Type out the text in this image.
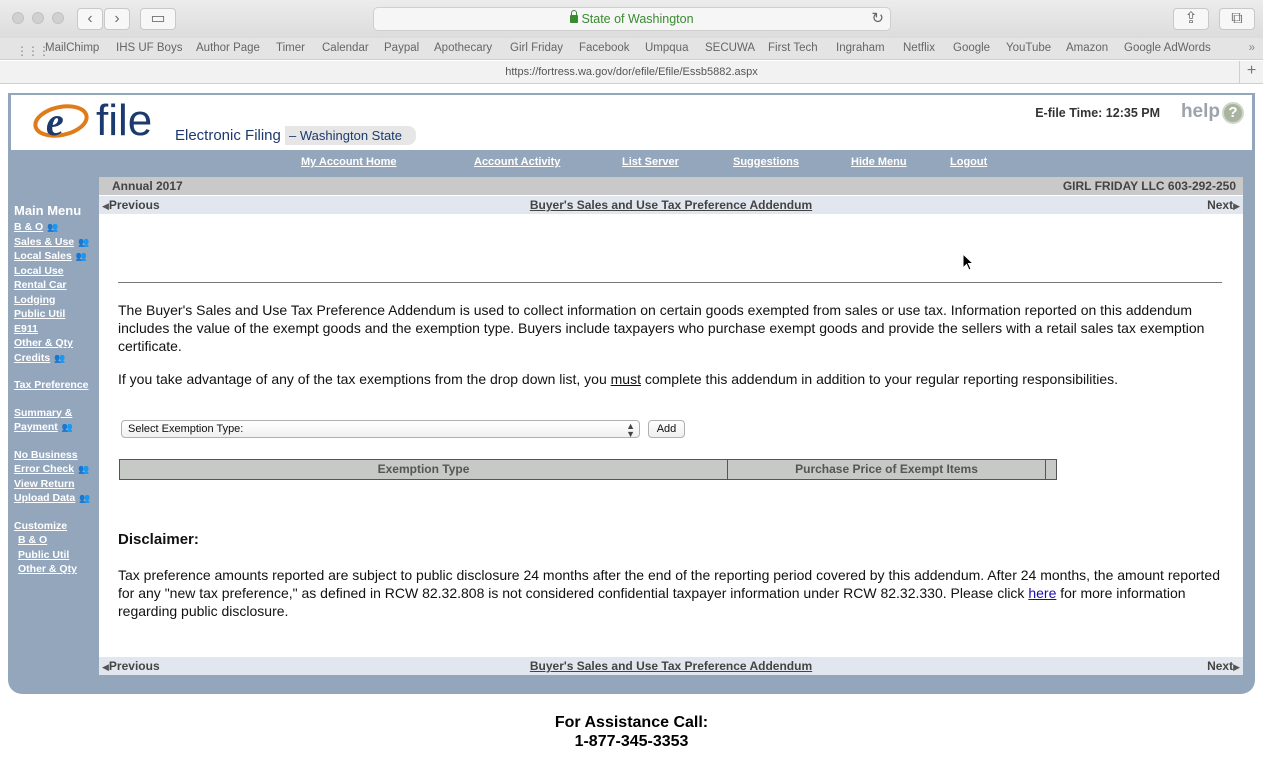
‹	›	▭	State of Washington	↻	⇪	⧉
⋮⋮⋮
MailChimp IHS UF Boys Author Page Timer Calendar Paypal Apothecary Girl Friday Facebook Umpqua SECUWA First Tech Ingraham Netflix Google YouTube Amazon Google AdWords	»
https://fortress.wa.gov/dor/efile/Efile/Essb5882.aspx	+
e file	Electronic Filing – Washington State
E-file Time: 12:35 PM help ?
My Account Home	Account Activity	List Server	Suggestions	Hide Menu	Logout
Main Menu
B & O 👥
Sales & Use 👥
Local Sales 👥
Local Use
Rental Car
Lodging
Public Util
E911
Other & Qty
Credits 👥
Tax Preference
Summary &
Payment 👥
No Business
Error Check 👥
View Return
Upload Data 👥
Customize
B & O
Public Util
Other & Qty
Annual 2017	GIRL FRIDAY LLC 603-292-250
◀Previous	Buyer's Sales and Use Tax Preference Addendum	Next▶
The Buyer's Sales and Use Tax Preference Addendum is used to collect information on certain goods exempted from sales or use tax. Information reported on this addendum includes the value of the exempt goods and the exemption type. Buyers include taxpayers who purchase exempt goods and provide the sellers with a retail sales tax exemption certificate.
If you take advantage of any of the tax exemptions from the drop down list, you must complete this addendum in addition to your regular reporting responsibilities.
Select Exemption Type:	▲
▼	Add
Exemption Type	Purchase Price of Exempt Items
Disclaimer:
Tax preference amounts reported are subject to public disclosure 24 months after the end of the reporting period covered by this addendum. After 24 months, the amount reported for any "new tax preference," as defined in RCW 82.32.808 is not considered confidential taxpayer information under RCW 82.32.330. Please click here for more information regarding public disclosure.
◀Previous	Buyer's Sales and Use Tax Preference Addendum	Next▶
For Assistance Call:
1-877-345-3353
